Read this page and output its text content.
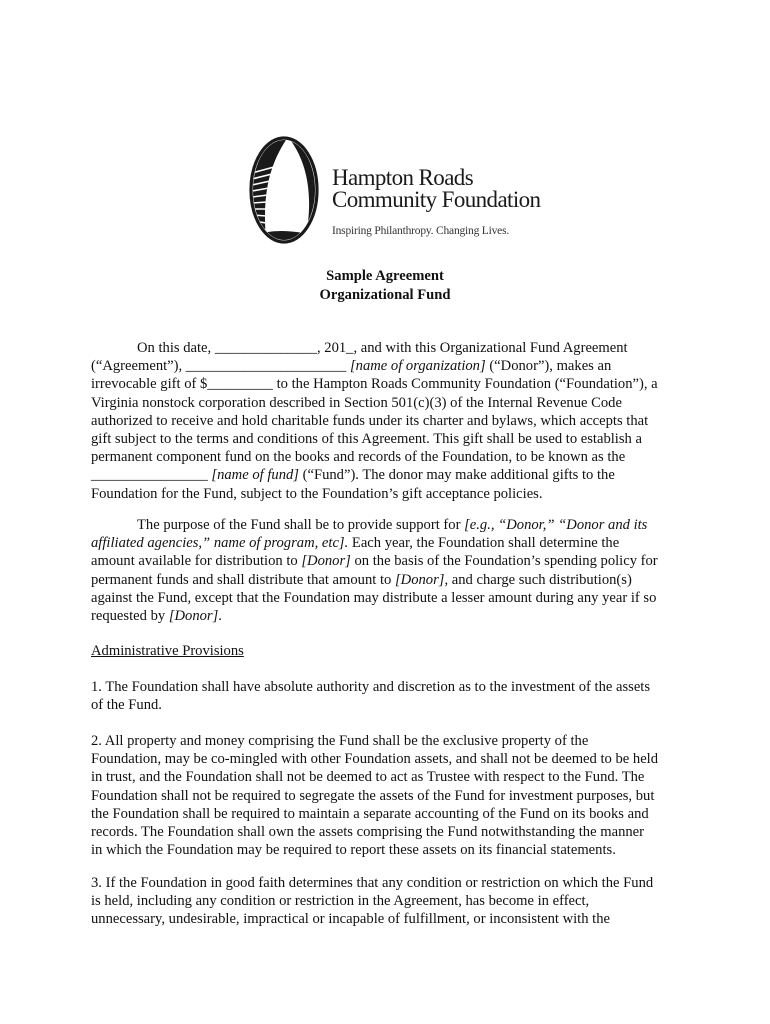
Hampton Roads
Community Foundation
Inspiring Philanthropy. Changing Lives.
Sample Agreement
Organizational Fund
On this date, ______________, 201_, and with this Organizational Fund Agreement
(“Agreement”), ______________________ [name of organization] (“Donor”), makes an
irrevocable gift of $_________ to the Hampton Roads Community Foundation (“Foundation”), a
Virginia nonstock corporation described in Section 501(c)(3) of the Internal Revenue Code
authorized to receive and hold charitable funds under its charter and bylaws, which accepts that
gift subject to the terms and conditions of this Agreement. This gift shall be used to establish a
permanent component fund on the books and records of the Foundation, to be known as the
________________ [name of fund] (“Fund”). The donor may make additional gifts to the
Foundation for the Fund, subject to the Foundation’s gift acceptance policies.
The purpose of the Fund shall be to provide support for [e.g., “Donor,” “Donor and its
affiliated agencies,” name of program, etc]. Each year, the Foundation shall determine the
amount available for distribution to [Donor] on the basis of the Foundation’s spending policy for
permanent funds and shall distribute that amount to [Donor], and charge such distribution(s)
against the Fund, except that the Foundation may distribute a lesser amount during any year if so
requested by [Donor].
Administrative Provisions
1. The Foundation shall have absolute authority and discretion as to the investment of the assets
of the Fund.
2. All property and money comprising the Fund shall be the exclusive property of the
Foundation, may be co-mingled with other Foundation assets, and shall not be deemed to be held
in trust, and the Foundation shall not be deemed to act as Trustee with respect to the Fund. The
Foundation shall not be required to segregate the assets of the Fund for investment purposes, but
the Foundation shall be required to maintain a separate accounting of the Fund on its books and
records. The Foundation shall own the assets comprising the Fund notwithstanding the manner
in which the Foundation may be required to report these assets on its financial statements.
3. If the Foundation in good faith determines that any condition or restriction on which the Fund
is held, including any condition or restriction in the Agreement, has become in effect,
unnecessary, undesirable, impractical or incapable of fulfillment, or inconsistent with the
